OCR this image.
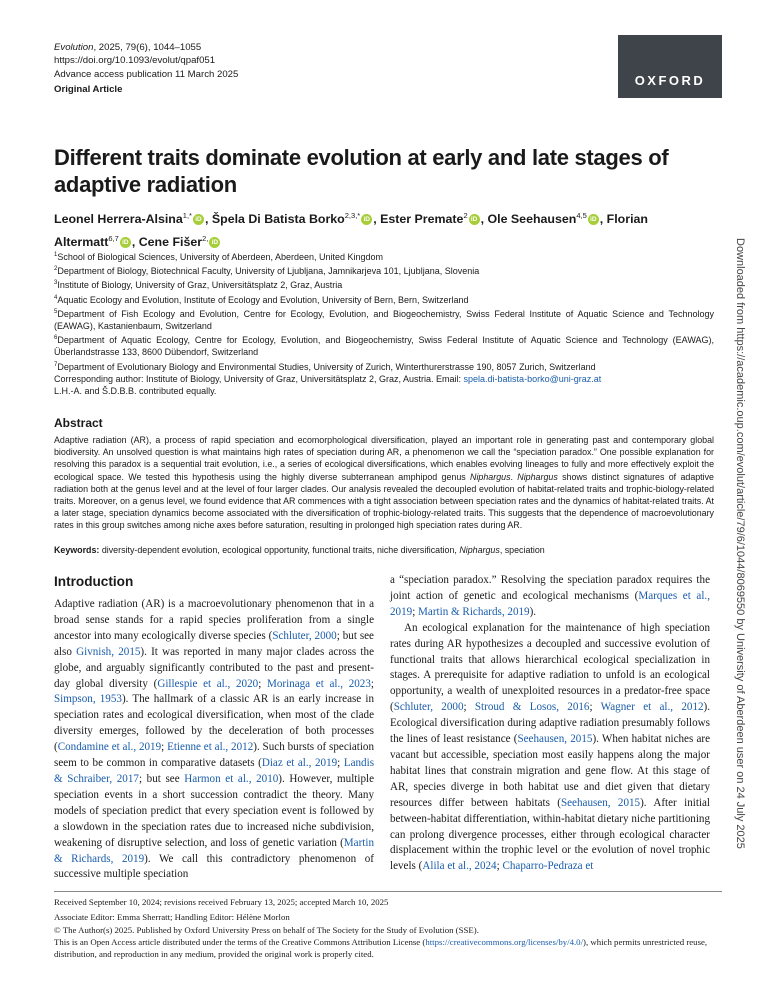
Evolution, 2025, 79(6), 1044–1055
https://doi.org/10.1093/evolut/qpaf051
Advance access publication 11 March 2025
Original Article
OXFORD
Different traits dominate evolution at early and late stages of adaptive radiation
Leonel Herrera-Alsina$^{1,*}$ iD , Špela Di Batista Borko$^{2,3,*}$ iD , Ester Premate$^2$ iD , Ole Seehausen$^{4,5}$ iD , Florian Altermatt$^{6,7}$ iD , Cene Fišer$^{2,}$ iD

$^1$School of Biological Sciences, University of Aberdeen, Aberdeen, United Kingdom

$^2$Department of Biology, Biotechnical Faculty, University of Ljubljana, Jamnikarjeva 101, Ljubljana, Slovenia

$^3$Institute of Biology, University of Graz, Universitätsplatz 2, Graz, Austria

$^4$Aquatic Ecology and Evolution, Institute of Ecology and Evolution, University of Bern, Bern, Switzerland

$^5$Department of Fish Ecology and Evolution, Centre for Ecology, Evolution, and Biogeochemistry, Swiss Federal Institute of Aquatic Science and Technology (EAWAG), Kastanienbaum, Switzerland

$^6$Department of Aquatic Ecology, Centre for Ecology, Evolution, and Biogeochemistry, Swiss Federal Institute of Aquatic Science and Technology (EAWAG), Überlandstrasse 133, 8600 Dübendorf, Switzerland

$^7$Department of Evolutionary Biology and Environmental Studies, University of Zurich, Winterthurerstrasse 190, 8057 Zurich, Switzerland

Corresponding author: Institute of Biology, University of Graz, Universitätsplatz 2, Graz, Austria. Email: spela.di-batista-borko@uni-graz.at

L.H.-A. and Š.D.B.B. contributed equally.

Abstract

Adaptive radiation (AR), a process of rapid speciation and ecomorphological diversification, played an important role in generating past and contemporary global biodiversity. An unsolved question is what maintains high rates of speciation during AR, a phenomenon we call the “speciation paradox.” One possible explanation for resolving this paradox is a sequential trait evolution, i.e., a series of ecological diversifications, which enables evolving lineages to fully and more effectively exploit the ecological space. We tested this hypothesis using the highly diverse subterranean amphipod genus Niphargus. Niphargus shows distinct signatures of adaptive radiation both at the genus level and at the level of four larger clades. Our analysis revealed the decoupled evolution of habitat-related traits and trophic-biology-related traits. Moreover, on a genus level, we found evidence that AR commences with a tight association between speciation rates and the dynamics of habitat-related traits. At a later stage, speciation dynamics become associated with the diversification of trophic-biology-related traits. This suggests that the dependence of macroevolutionary rates in this group switches among niche axes before saturation, resulting in prolonged high speciation rates during AR.

Keywords: diversity-dependent evolution, ecological opportunity, functional traits, niche diversification, Niphargus, speciation

Introduction

Adaptive radiation (AR) is a macroevolutionary phenomenon that in a broad sense stands for a rapid species proliferation from a single ancestor into many ecologically diverse species (Schluter, 2000; but see also Givnish, 2015). It was reported in many major clades across the globe, and arguably significantly contributed to the past and present-day global diversity (Gillespie et al., 2020; Morinaga et al., 2023; Simpson, 1953). The hallmark of a classic AR is an early increase in speciation rates and ecological diversification, when most of the clade diversity emerges, followed by the deceleration of both processes (Condamine et al., 2019; Etienne et al., 2012). Such bursts of speciation seem to be common in comparative datasets (Diaz et al., 2019; Landis & Schraiber, 2017; but see Harmon et al., 2010). However, multiple speciation events in a short succession contradict the theory. Many models of speciation predict that every speciation event is followed by a slowdown in the speciation rates due to increased niche subdivision, weakening of disruptive selection, and loss of genetic variation (Martin & Richards, 2019). We call this contradictory phenomenon of successive multiple speciation

a “speciation paradox.” Resolving the speciation paradox requires the joint action of genetic and ecological mechanisms (Marques et al., 2019; Martin & Richards, 2019).

An ecological explanation for the maintenance of high speciation rates during AR hypothesizes a decoupled and successive evolution of functional traits that allows hierarchical ecological specialization in stages. A prerequisite for adaptive radiation to unfold is an ecological opportunity, a wealth of unexploited resources in a predator-free space (Schluter, 2000; Stroud & Losos, 2016; Wagner et al., 2012). Ecological diversification during adaptive radiation presumably follows the lines of least resistance (Seehausen, 2015). When habitat niches are vacant but accessible, speciation most easily happens along the major habitat lines that constrain migration and gene flow. At this stage of AR, species diverge in both habitat use and diet given that dietary resources differ between habitats (Seehausen, 2015). After initial between-habitat differentiation, within-habitat dietary niche partitioning can prolong divergence processes, either through ecological character displacement within the trophic level or the evolution of novel trophic levels (Alila et al., 2024; Chaparro-Pedraza et

Received September 10, 2024; revisions received February 13, 2025; accepted March 10, 2025
Associate Editor: Emma Sherratt; Handling Editor: Hélène Morlon
© The Author(s) 2025. Published by Oxford University Press on behalf of The Society for the Study of Evolution (SSE).
This is an Open Access article distributed under the terms of the Creative Commons Attribution License (https://creativecommons.org/licenses/by/4.0/), which permits unrestricted reuse, distribution, and reproduction in any medium, provided the original work is properly cited.
Downloaded from https://academic.oup.com/evolut/article/79/6/1044/8069550 by University of Aberdeen user on 24 July 2025
